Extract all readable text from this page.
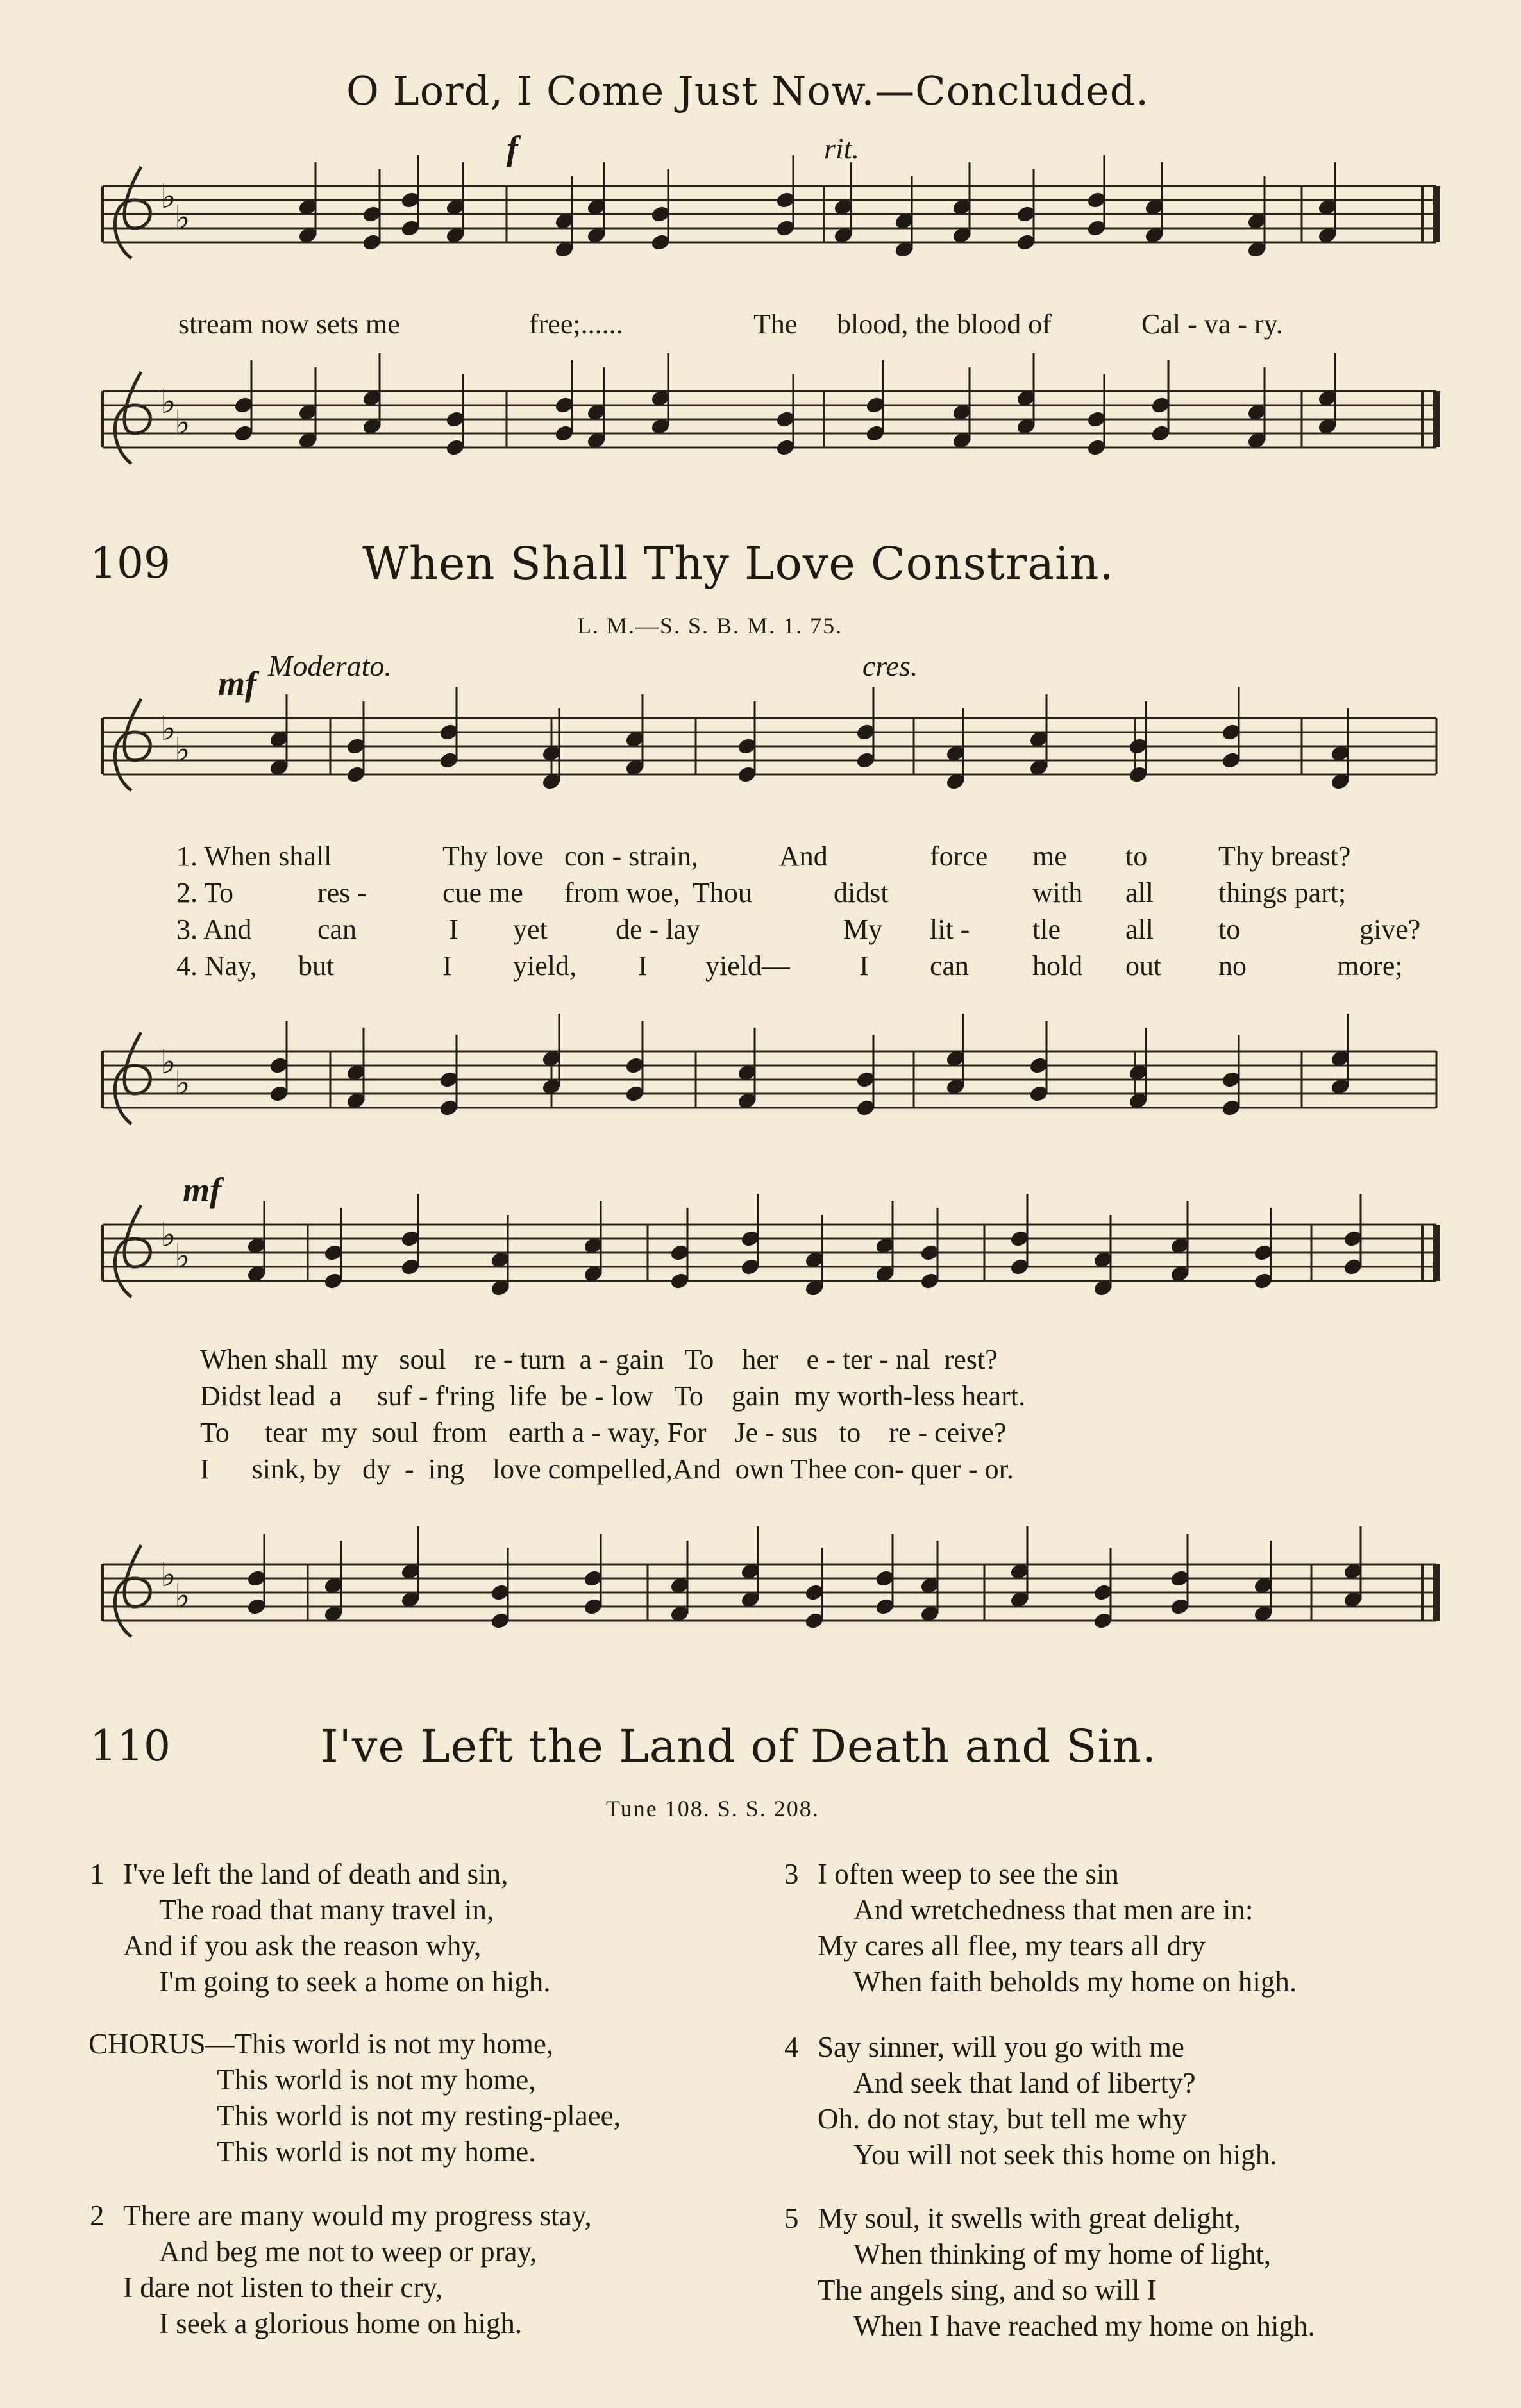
O Lord, I Come Just Now.—Concluded.
♭
♭
♭
♭
♭
♭
♭
♭
♭
♭
♭
♭
f	rit.
stream now sets me	free;......	The blood, the blood of	Cal - va - ry.
109	When Shall Thy Love Constrain.
L. M.—S. S. B. M. 1. 75.
mf Moderato.	cres.
1. When shall	Thy love con - strain,	And	force me to	Thy breast?
2. To	res -	cue me from woe, Thou	didst	with all things part;
3. And can	I yet de - lay	My lit - tle all to	give?
4. Nay, but	I yield, I yield— I can hold out no	more;
mf
When shall  my   soul    re - turn  a - gain   To    her    e - ter - nal  rest?
Didst lead  a     suf - f'ring  life  be - low   To    gain  my worth-less heart.
To     tear  my  soul  from   earth a - way, For    Je - sus   to    re - ceive?
I      sink, by   dy  -  ing    love compelled,And  own Thee con- quer - or.
110	I've Left the Land of Death and Sin.
Tune 108. S. S. 208.
1 I've left the land of death and sin,
The road that many travel in,
And if you ask the reason why,
I'm going to seek a home on high.
CHORUS—This world is not my home,
This world is not my home,
This world is not my resting-plaee,
This world is not my home.
2 There are many would my progress stay,
And beg me not to weep or pray,
I dare not listen to their cry,
I seek a glorious home on high.
3 I often weep to see the sin
And wretchedness that men are in:
My cares all flee, my tears all dry
When faith beholds my home on high.
4 Say sinner, will you go with me
And seek that land of liberty?
Oh. do not stay, but tell me why
You will not seek this home on high.
5 My soul, it swells with great delight,
When thinking of my home of light,
The angels sing, and so will I
When I have reached my home on high.
